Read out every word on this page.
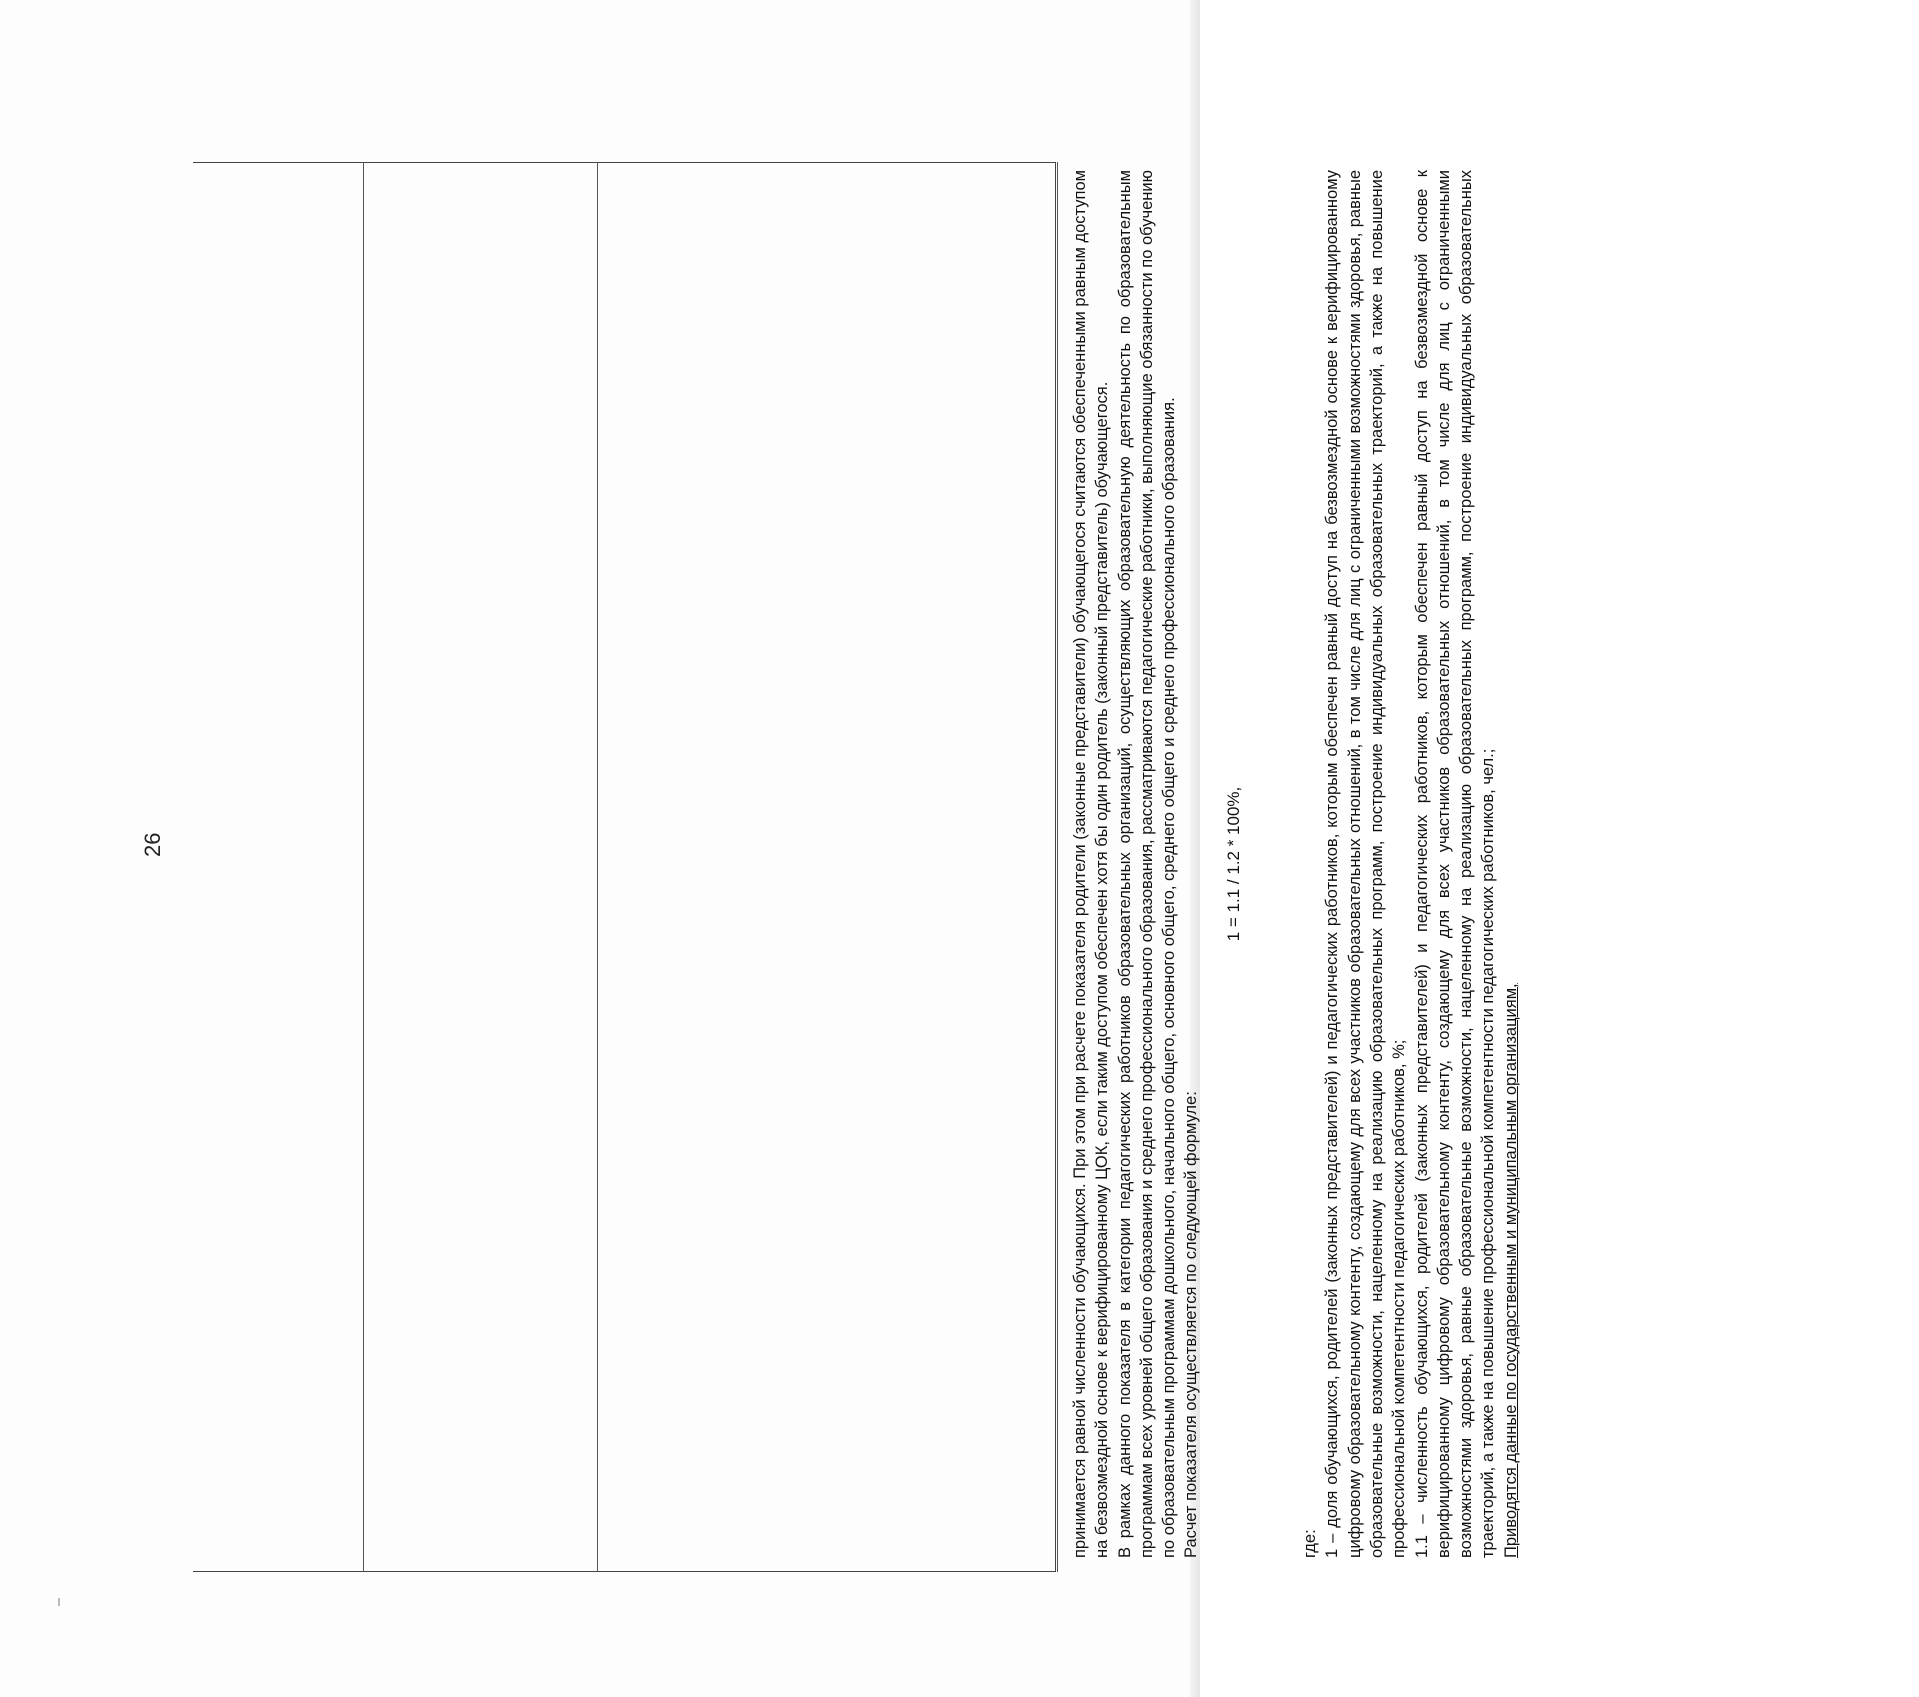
26	принимается равной численности обучающихся. При этом при расчете показателя родители (законные представители) обучающегося считаются обеспеченными равным доступом на безвозмездной основе к верифицированному ЦОК, если таким доступом обеспечен хотя бы один родитель (законный представитель) обучающегося. В рамках данного показателя в категории педагогических работников образовательных организаций, осуществляющих образовательную деятельность по образовательным программам всех уровней общего образования и среднего профессионального образования, рассматриваются педагогические работники, выполняющие обязанности по обучению по образовательным программам дошкольного, начального общего, основного общего, среднего общего и среднего профессионального образования. Расчет показателя осуществляется по следующей формуле:

1 = 1.1 / 1.2 * 100%,

где: 1 – доля обучающихся, родителей (законных представителей) и педагогических работников, которым обеспечен равный доступ на безвозмездной основе к верифицированному цифровому образовательному контенту, создающему для всех участников образовательных отношений, в том числе для лиц с ограниченными возможностями здоровья, равные образовательные возможности, нацеленному на реализацию образовательных программ, построение индивидуальных образовательных траекторий, а также на повышение профессиональной компетентности педагогических работников, %; 1.1 – численность обучающихся, родителей (законных представителей) и педагогических работников, которым обеспечен равный доступ на безвозмездной основе к верифицированному цифровому образовательному контенту, создающему для всех участников образовательных отношений, в том числе для лиц с ограниченными возможностями здоровья, равные образовательные возможности, нацеленному на реализацию образовательных программ, построение индивидуальных образовательных траекторий, а также на повышение профессиональной компетентности педагогических работников, чел.; Приводятся данные по государственным и муниципальным организациям,
